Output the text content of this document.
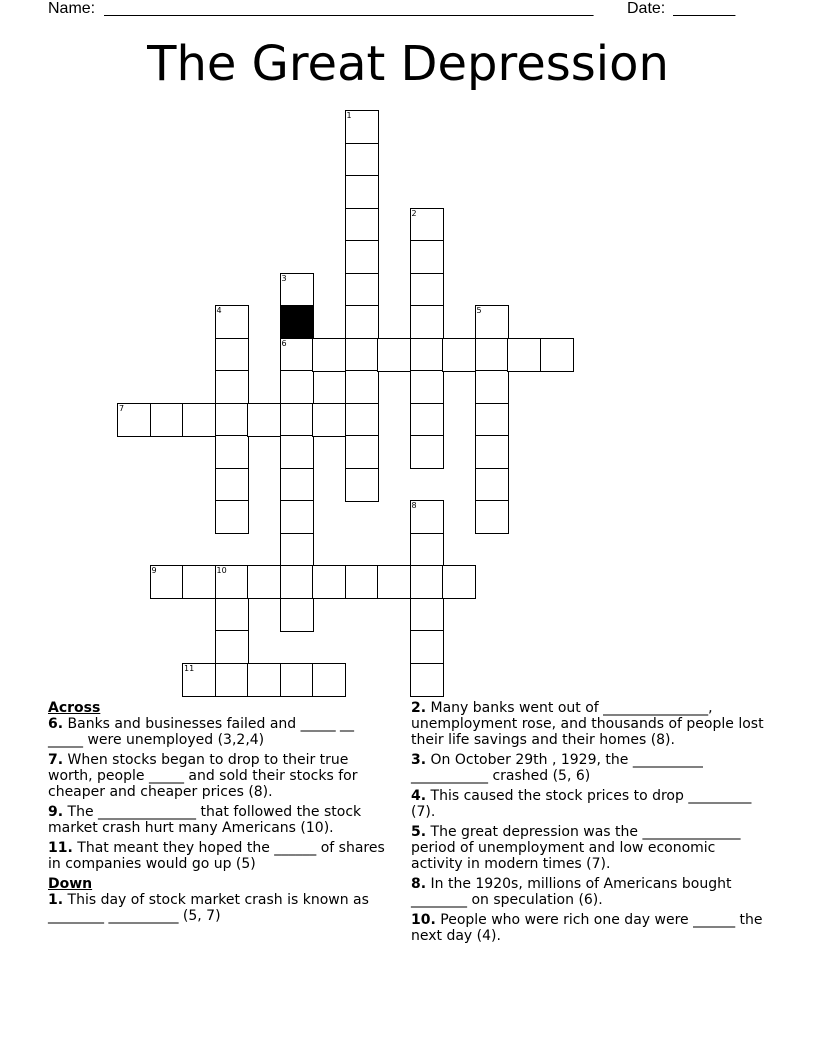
Name: _______________________________________________________	Date: _______
The Great Depression
1
2
3
6
4	5
7
8
9	10
11

Across

6. Banks and businesses failed and _____ __ _____ were unemployed (3,2,4)

7. When stocks began to drop to their true worth, people _____ and sold their stocks for cheaper and cheaper prices (8).

9. The ______________ that followed the stock market crash hurt many Americans (10).

11. That meant they hoped the ______ of shares in companies would go up (5)

Down

1. This day of stock market crash is known as ________ __________ (5, 7)

2. Many banks went out of _______________, unemployment rose, and thousands of people lost their life savings and their homes (8).

3. On October 29th , 1929, the __________ ___________ crashed (5, 6)

4. This caused the stock prices to drop _________ (7).

5. The great depression was the ______________ period of unemployment and low economic activity in modern times (7).

8. In the 1920s, millions of Americans bought ________ on speculation (6).

10. People who were rich one day were ______ the next day (4).
